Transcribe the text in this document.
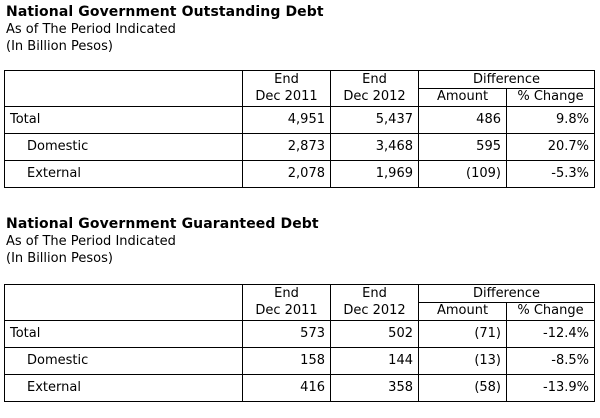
National Government Outstanding Debt
As of The Period Indicated
(In Billion Pesos)
	End	End	Difference	
	Dec 2011	Dec 2012	Amount	% Change
Total	4,951	5,437	486	9.8%
Domestic	2,873	3,468	595	20.7%
External	2,078	1,969	(109)	-5.3%
National Government Guaranteed Debt
As of The Period Indicated
(In Billion Pesos)
	End	End	Difference	
	Dec 2011	Dec 2012	Amount	% Change
Total	573	502	(71)	-12.4%
Domestic	158	144	(13)	-8.5%
External	416	358	(58)	-13.9%
